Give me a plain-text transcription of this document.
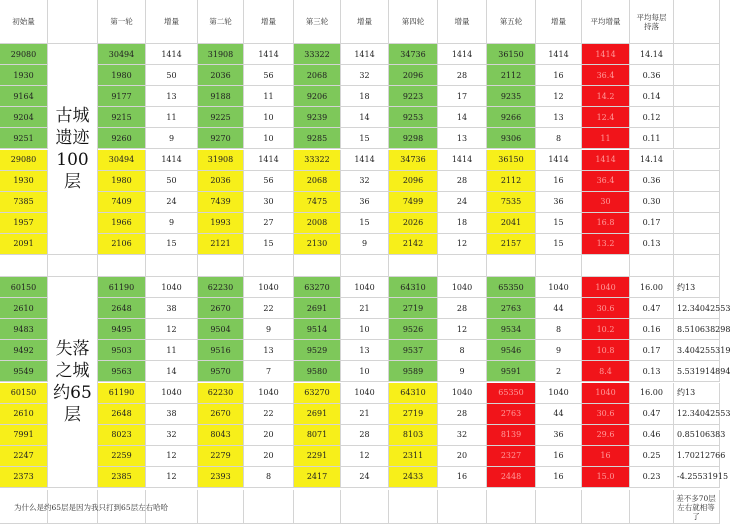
初始量	第一轮	增量	第二轮	增量	第三轮	增量	第四轮	增量	第五轮	增量	平均增量	平均每层
持落
古城
遗迹
100
层
29080	30494	1414	31908	1414	33322	1414	34736	1414	36150	1414	1414	14.14
1930	1980	50	2036	56	2068	32	2096	28	2112	16	36.4	0.36
9164	9177	13	9188	11	9206	18	9223	17	9235	12	14.2	0.14
9204	9215	11	9225	10	9239	14	9253	14	9266	13	12.4	0.12
9251	9260	9	9270	10	9285	15	9298	13	9306	8	11	0.11
29080	30494	1414	31908	1414	33322	1414	34736	1414	36150	1414	1414	14.14
1930	1980	50	2036	56	2068	32	2096	28	2112	16	36.4	0.36
7385	7409	24	7439	30	7475	36	7499	24	7535	36	30	0.30
1957	1966	9	1993	27	2008	15	2026	18	2041	15	16.8	0.17
2091	2106	15	2121	15	2130	9	2142	12	2157	15	13.2	0.13
失落
之城
约65
层
60150	61190	1040	62230	1040	63270	1040	64310	1040	65350	1040	1040	16.00	约13
2610	2648	38	2670	22	2691	21	2719	28	2763	44	30.6	0.47	12.34042553
9483	9495	12	9504	9	9514	10	9526	12	9534	8	10.2	0.16	8.510638298
9492	9503	11	9516	13	9529	13	9537	8	9546	9	10.8	0.17	3.404255319
9549	9563	14	9570	7	9580	10	9589	9	9591	2	8.4	0.13	5.531914894
60150	61190	1040	62230	1040	63270	1040	64310	1040	65350	1040	1040	16.00	约13
2610	2648	38	2670	22	2691	21	2719	28	2763	44	30.6	0.47	12.34042553
7991	8023	32	8043	20	8071	28	8103	32	8139	36	29.6	0.46	0.85106383
2247	2259	12	2279	20	2291	12	2311	20	2327	16	16	0.25	1.70212766
2373	2385	12	2393	8	2417	24	2433	16	2448	16	15.0	0.23	-4.25531915
为什么是约65层是因为我只打到65层左右哈哈
差不多70层
左右就相等
了
